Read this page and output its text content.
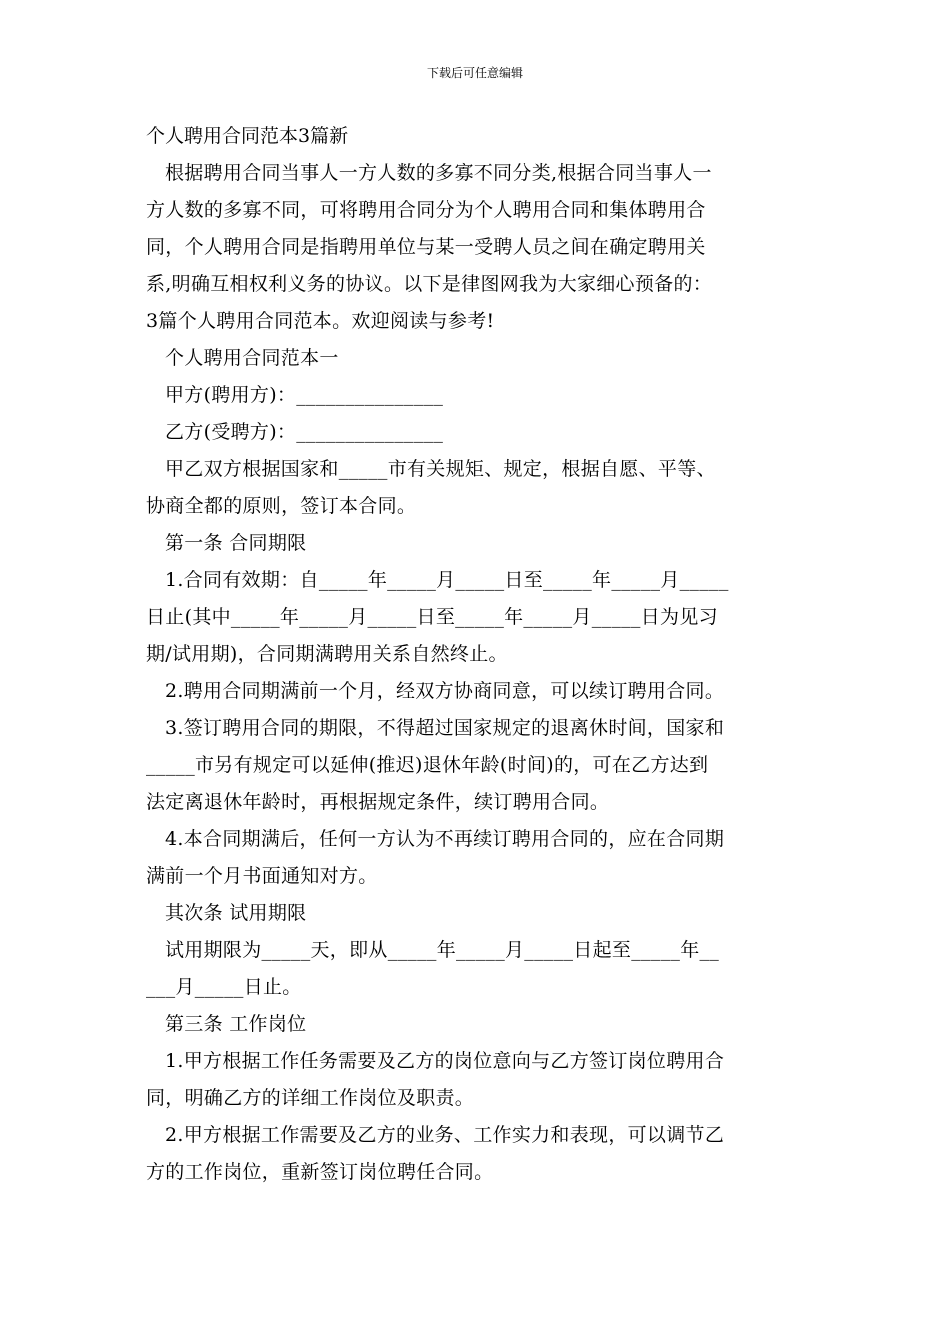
下载后可任意编辑
个人聘用合同范本3篇新
根据聘用合同当事人一方人数的多寡不同分类,根据合同当事人一
方人数的多寡不同，可将聘用合同分为个人聘用合同和集体聘用合
同，个人聘用合同是指聘用单位与某一受聘人员之间在确定聘用关
系,明确互相权利义务的协议。以下是律图网我为大家细心预备的：
3篇个人聘用合同范本。欢迎阅读与参考!
个人聘用合同范本一
甲方(聘用方)：_______________
乙方(受聘方)：_______________
甲乙双方根据国家和_____市有关规矩、规定，根据自愿、平等、
协商全都的原则，签订本合同。
第一条 合同期限
1.合同有效期：自_____年_____月_____日至_____年_____月_____
日止(其中_____年_____月_____日至_____年_____月_____日为见习
期/试用期)，合同期满聘用关系自然终止。
2.聘用合同期满前一个月，经双方协商同意，可以续订聘用合同。
3.签订聘用合同的期限，不得超过国家规定的退离休时间，国家和
_____市另有规定可以延伸(推迟)退休年龄(时间)的，可在乙方达到
法定离退休年龄时，再根据规定条件，续订聘用合同。
4.本合同期满后，任何一方认为不再续订聘用合同的，应在合同期
满前一个月书面通知对方。
其次条 试用期限
试用期限为_____天，即从_____年_____月_____日起至_____年__
___月_____日止。
第三条 工作岗位
1.甲方根据工作任务需要及乙方的岗位意向与乙方签订岗位聘用合
同，明确乙方的详细工作岗位及职责。
2.甲方根据工作需要及乙方的业务、工作实力和表现，可以调节乙
方的工作岗位，重新签订岗位聘任合同。
